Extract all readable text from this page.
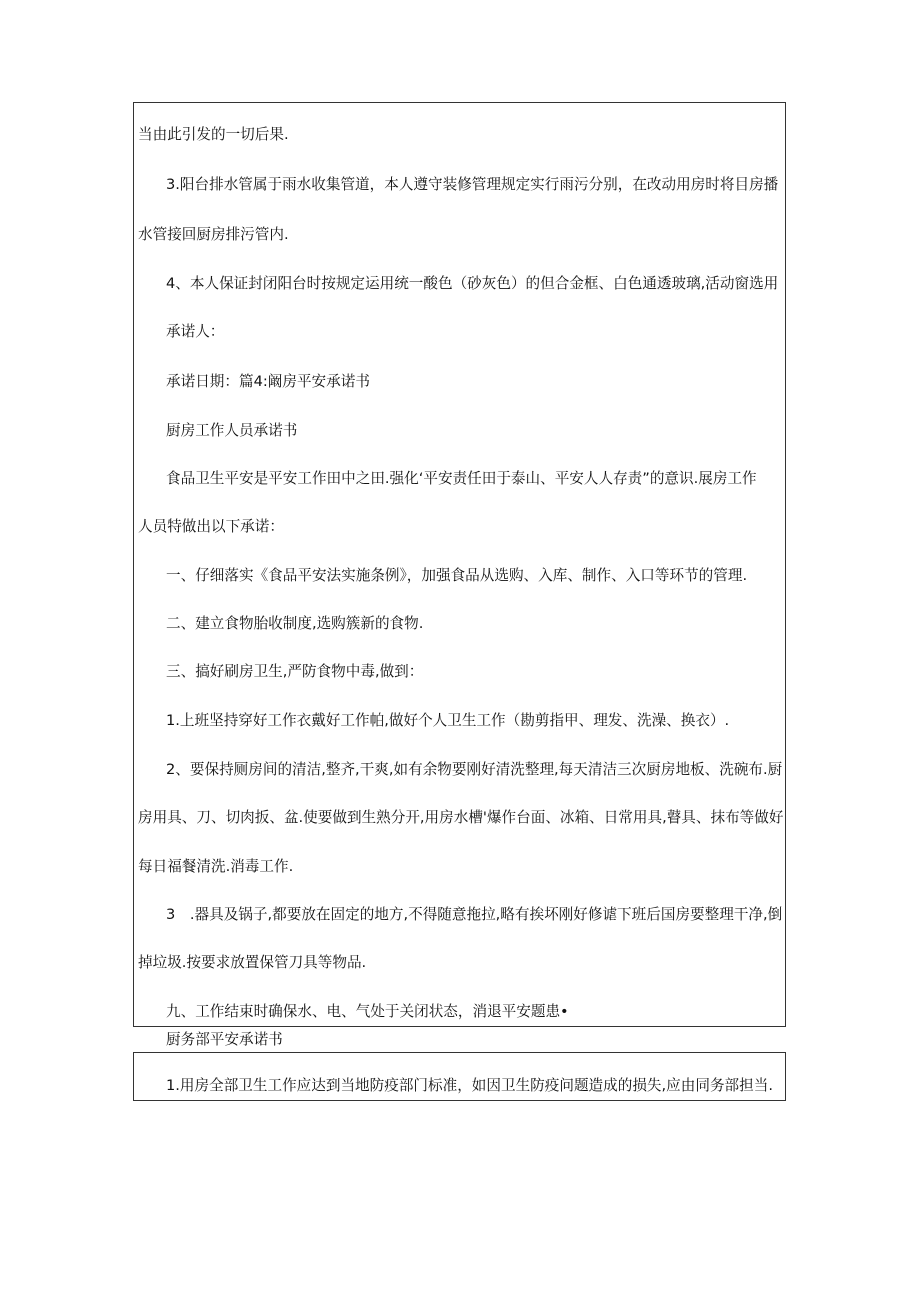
当由此引发的一切后果.
3.阳台排水管属于雨水收集管道，本人遵守装修管理规定实行雨污分别，在改动用房时将目房播
水管接回厨房排污管内.
4、本人保证封闭阳台时按规定运用统一酸色（砂灰色）的但合金框、白色通透玻璃,活动窗选用
承诺人：
承诺日期：篇4:阚房平安承诺书
厨房工作人员承诺书
食品卫生平安是平安工作田中之田.强化‘平安责任田于泰山、平安人人存责”的意识.展房工作
人员特做出以下承诺：
一、仔细落实《食品平安法实施条例》，加强食品从选购、入库、制作、入口等环节的管理.
二、建立食物胎收制度,选购簇新的食物.
三、搞好刷房卫生,严防食物中毒,做到：
1.上班坚持穿好工作衣戴好工作帕,做好个人卫生工作（勘剪指甲、理发、洗澡、换衣）.
2、要保持厕房间的清洁,整齐,干爽,如有余物要刚好清洗整理,每天清洁三次厨房地板、洗碗布.厨
房用具、刀、切肉扳、盆.使要做到生熟分开,用房水槽'爆作台面、冰箱、日常用具,瞽具、抹布等做好
每日福餐清洗.消毒工作.
3　.器具及锅子,都要放在固定的地方,不得随意拖拉,略有挨坏刚好修谑下班后国房要整理干净,倒
掉垃圾.按要求放置保管刀具等物品.
九、工作结束时确保水、电、气处于关闭状态，消退平安题患•
厨务部平安承诺书
1.用房全部卫生工作应达到当地防疫部门标准，如因卫生防疫问题造成的损失,应由同务部担当.
